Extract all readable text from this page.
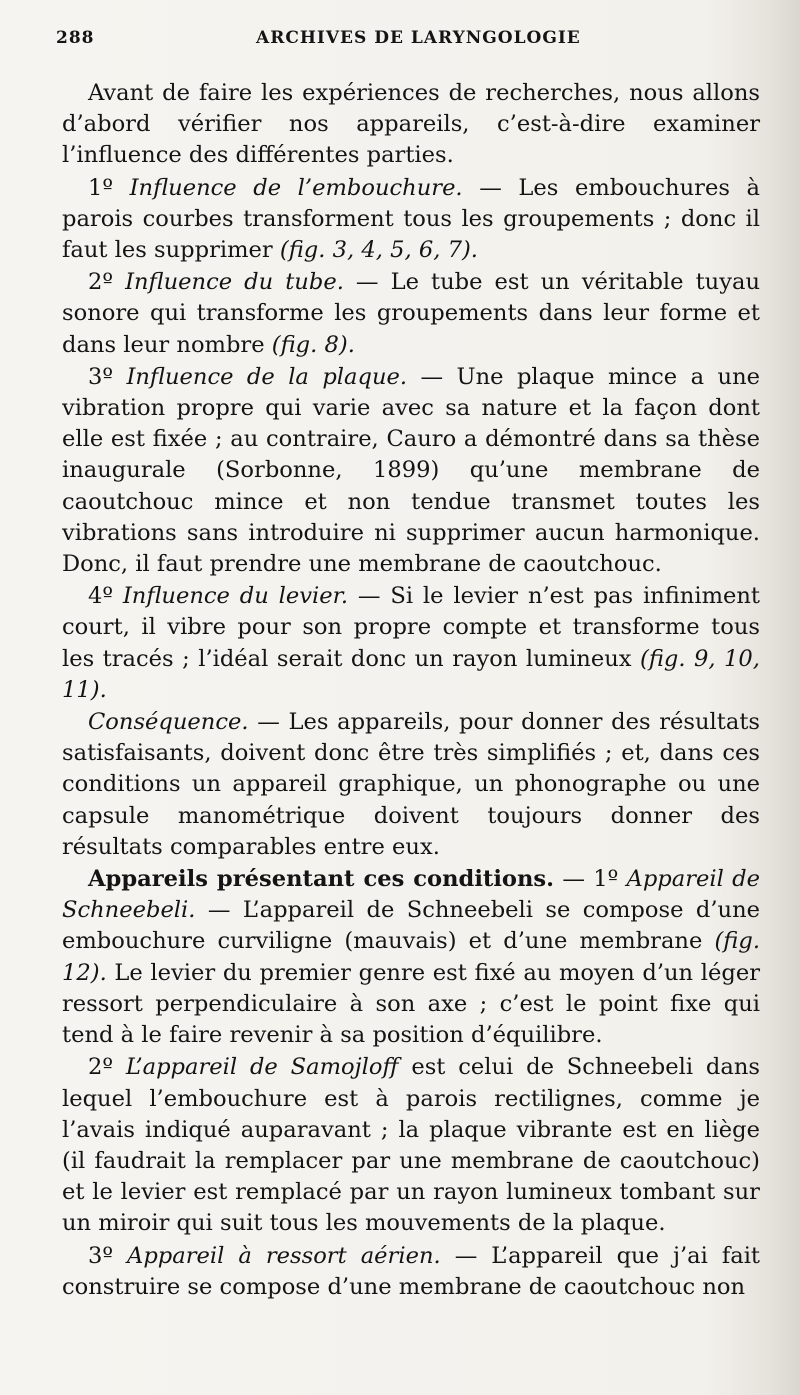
288	ARCHIVES DE LARYNGOLOGIE

Avant de faire les expériences de recherches, nous allons d’abord vérifier nos appareils, c’est-à-dire examiner l’influence des différentes parties.

1º Influence de l’embouchure. — Les embouchures à parois courbes transforment tous les groupements ; donc il faut les supprimer (fig. 3, 4, 5, 6, 7).

2º Influence du tube. — Le tube est un véritable tuyau sonore qui transforme les groupements dans leur forme et dans leur nombre (fig. 8).

3º Influence de la plaque. — Une plaque mince a une vibration propre qui varie avec sa nature et la façon dont elle est fixée ; au contraire, Cauro a démontré dans sa thèse inaugurale (Sorbonne, 1899) qu’une membrane de caoutchouc mince et non tendue transmet toutes les vibrations sans introduire ni supprimer aucun harmonique. Donc, il faut prendre une membrane de caoutchouc.

4º Influence du levier. — Si le levier n’est pas infiniment court, il vibre pour son propre compte et transforme tous les tracés ; l’idéal serait donc un rayon lumineux (fig. 9, 10, 11).

Conséquence. — Les appareils, pour donner des résultats satisfaisants, doivent donc être très simplifiés ; et, dans ces conditions un appareil graphique, un phonographe ou une capsule manométrique doivent toujours donner des résultats comparables entre eux.

Appareils présentant ces conditions. — 1º Appareil de Schneebeli. — L’appareil de Schneebeli se compose d’une embouchure curviligne (mauvais) et d’une membrane (fig. 12). Le levier du premier genre est fixé au moyen d’un léger ressort perpendiculaire à son axe ; c’est le point fixe qui tend à le faire revenir à sa position d’équilibre.

2º L’appareil de Samojloff est celui de Schneebeli dans lequel l’embouchure est à parois rectilignes, comme je l’avais indiqué auparavant ; la plaque vibrante est en liège (il faudrait la remplacer par une membrane de caoutchouc) et le levier est remplacé par un rayon lumineux tombant sur un miroir qui suit tous les mouvements de la plaque.

3º Appareil à ressort aérien. — L’appareil que j’ai fait construire se compose d’une membrane de caoutchouc non
